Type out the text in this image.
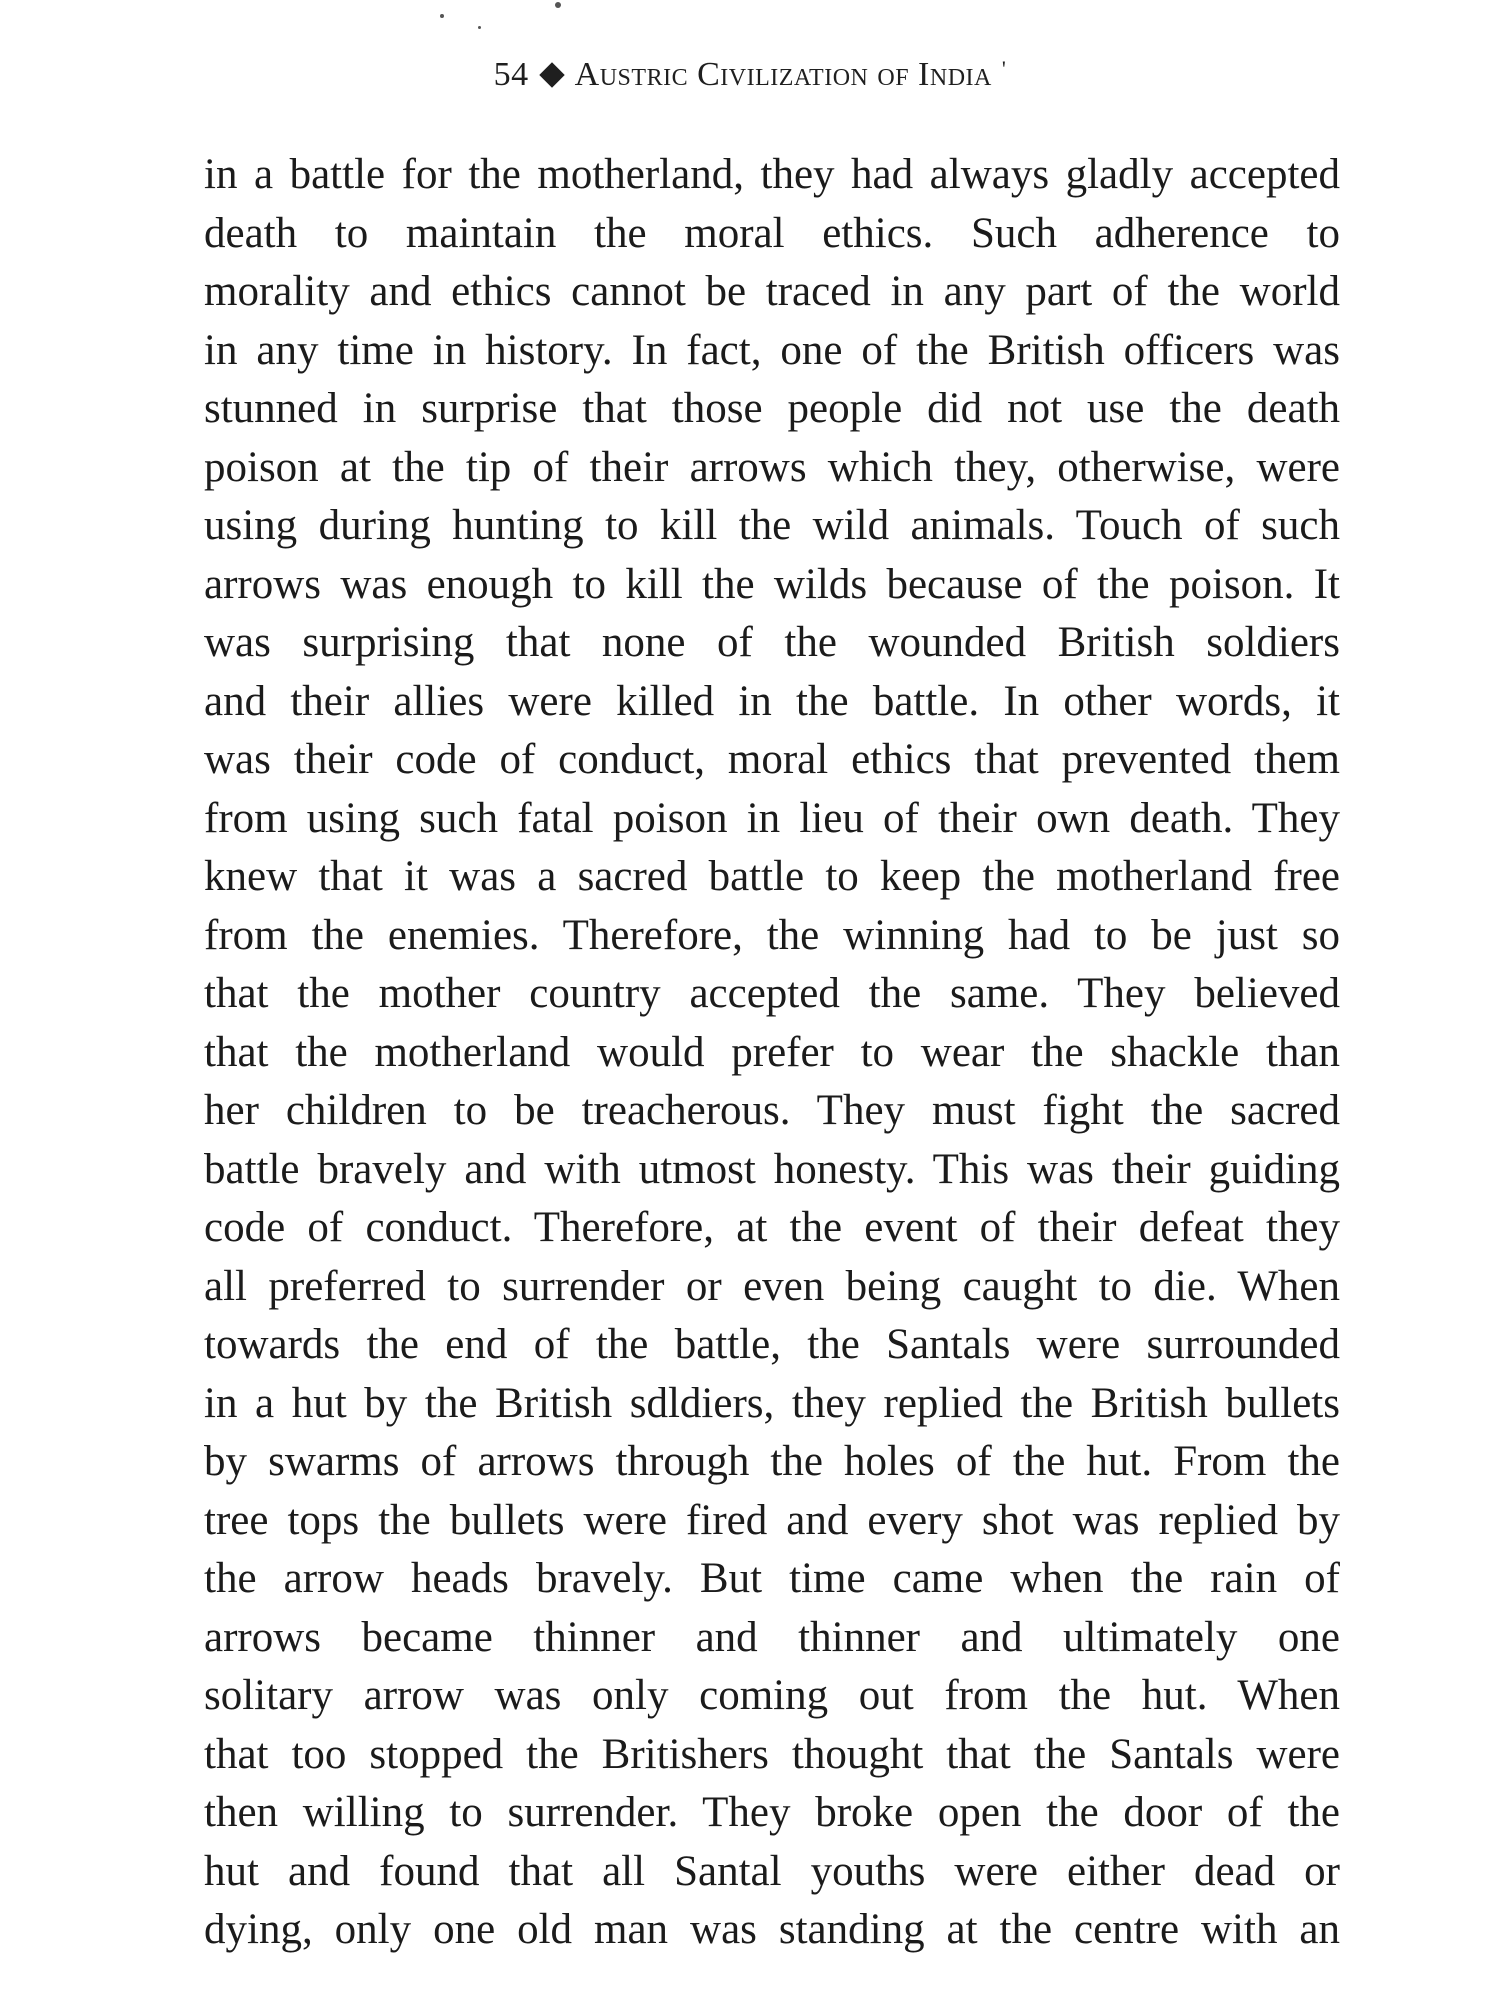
54 Austric Civilization of India '
in a battle for the motherland, they had always gladly accepted
death to maintain the moral ethics. Such adherence to
morality and ethics cannot be traced in any part of the world
in any time in history. In fact, one of the British officers was
stunned in surprise that those people did not use the death
poison at the tip of their arrows which they, otherwise, were
using during hunting to kill the wild animals. Touch of such
arrows was enough to kill the wilds because of the poison. It
was surprising that none of the wounded British soldiers
and their allies were killed in the battle. In other words, it
was their code of conduct, moral ethics that prevented them
from using such fatal poison in lieu of their own death. They
knew that it was a sacred battle to keep the motherland free
from the enemies. Therefore, the winning had to be just so
that the mother country accepted the same. They believed
that the motherland would prefer to wear the shackle than
her children to be treacherous. They must fight the sacred
battle bravely and with utmost honesty. This was their guiding
code of conduct. Therefore, at the event of their defeat they
all preferred to surrender or even being caught to die. When
towards the end of the battle, the Santals were surrounded
in a hut by the British sdldiers, they replied the British bullets
by swarms of arrows through the holes of the hut. From the
tree tops the bullets were fired and every shot was replied by
the arrow heads bravely. But time came when the rain of
arrows became thinner and thinner and ultimately one
solitary arrow was only coming out from the hut. When
that too stopped the Britishers thought that the Santals were
then willing to surrender. They broke open the door of the
hut and found that all Santal youths were either dead or
dying, only one old man was standing at the centre with an
